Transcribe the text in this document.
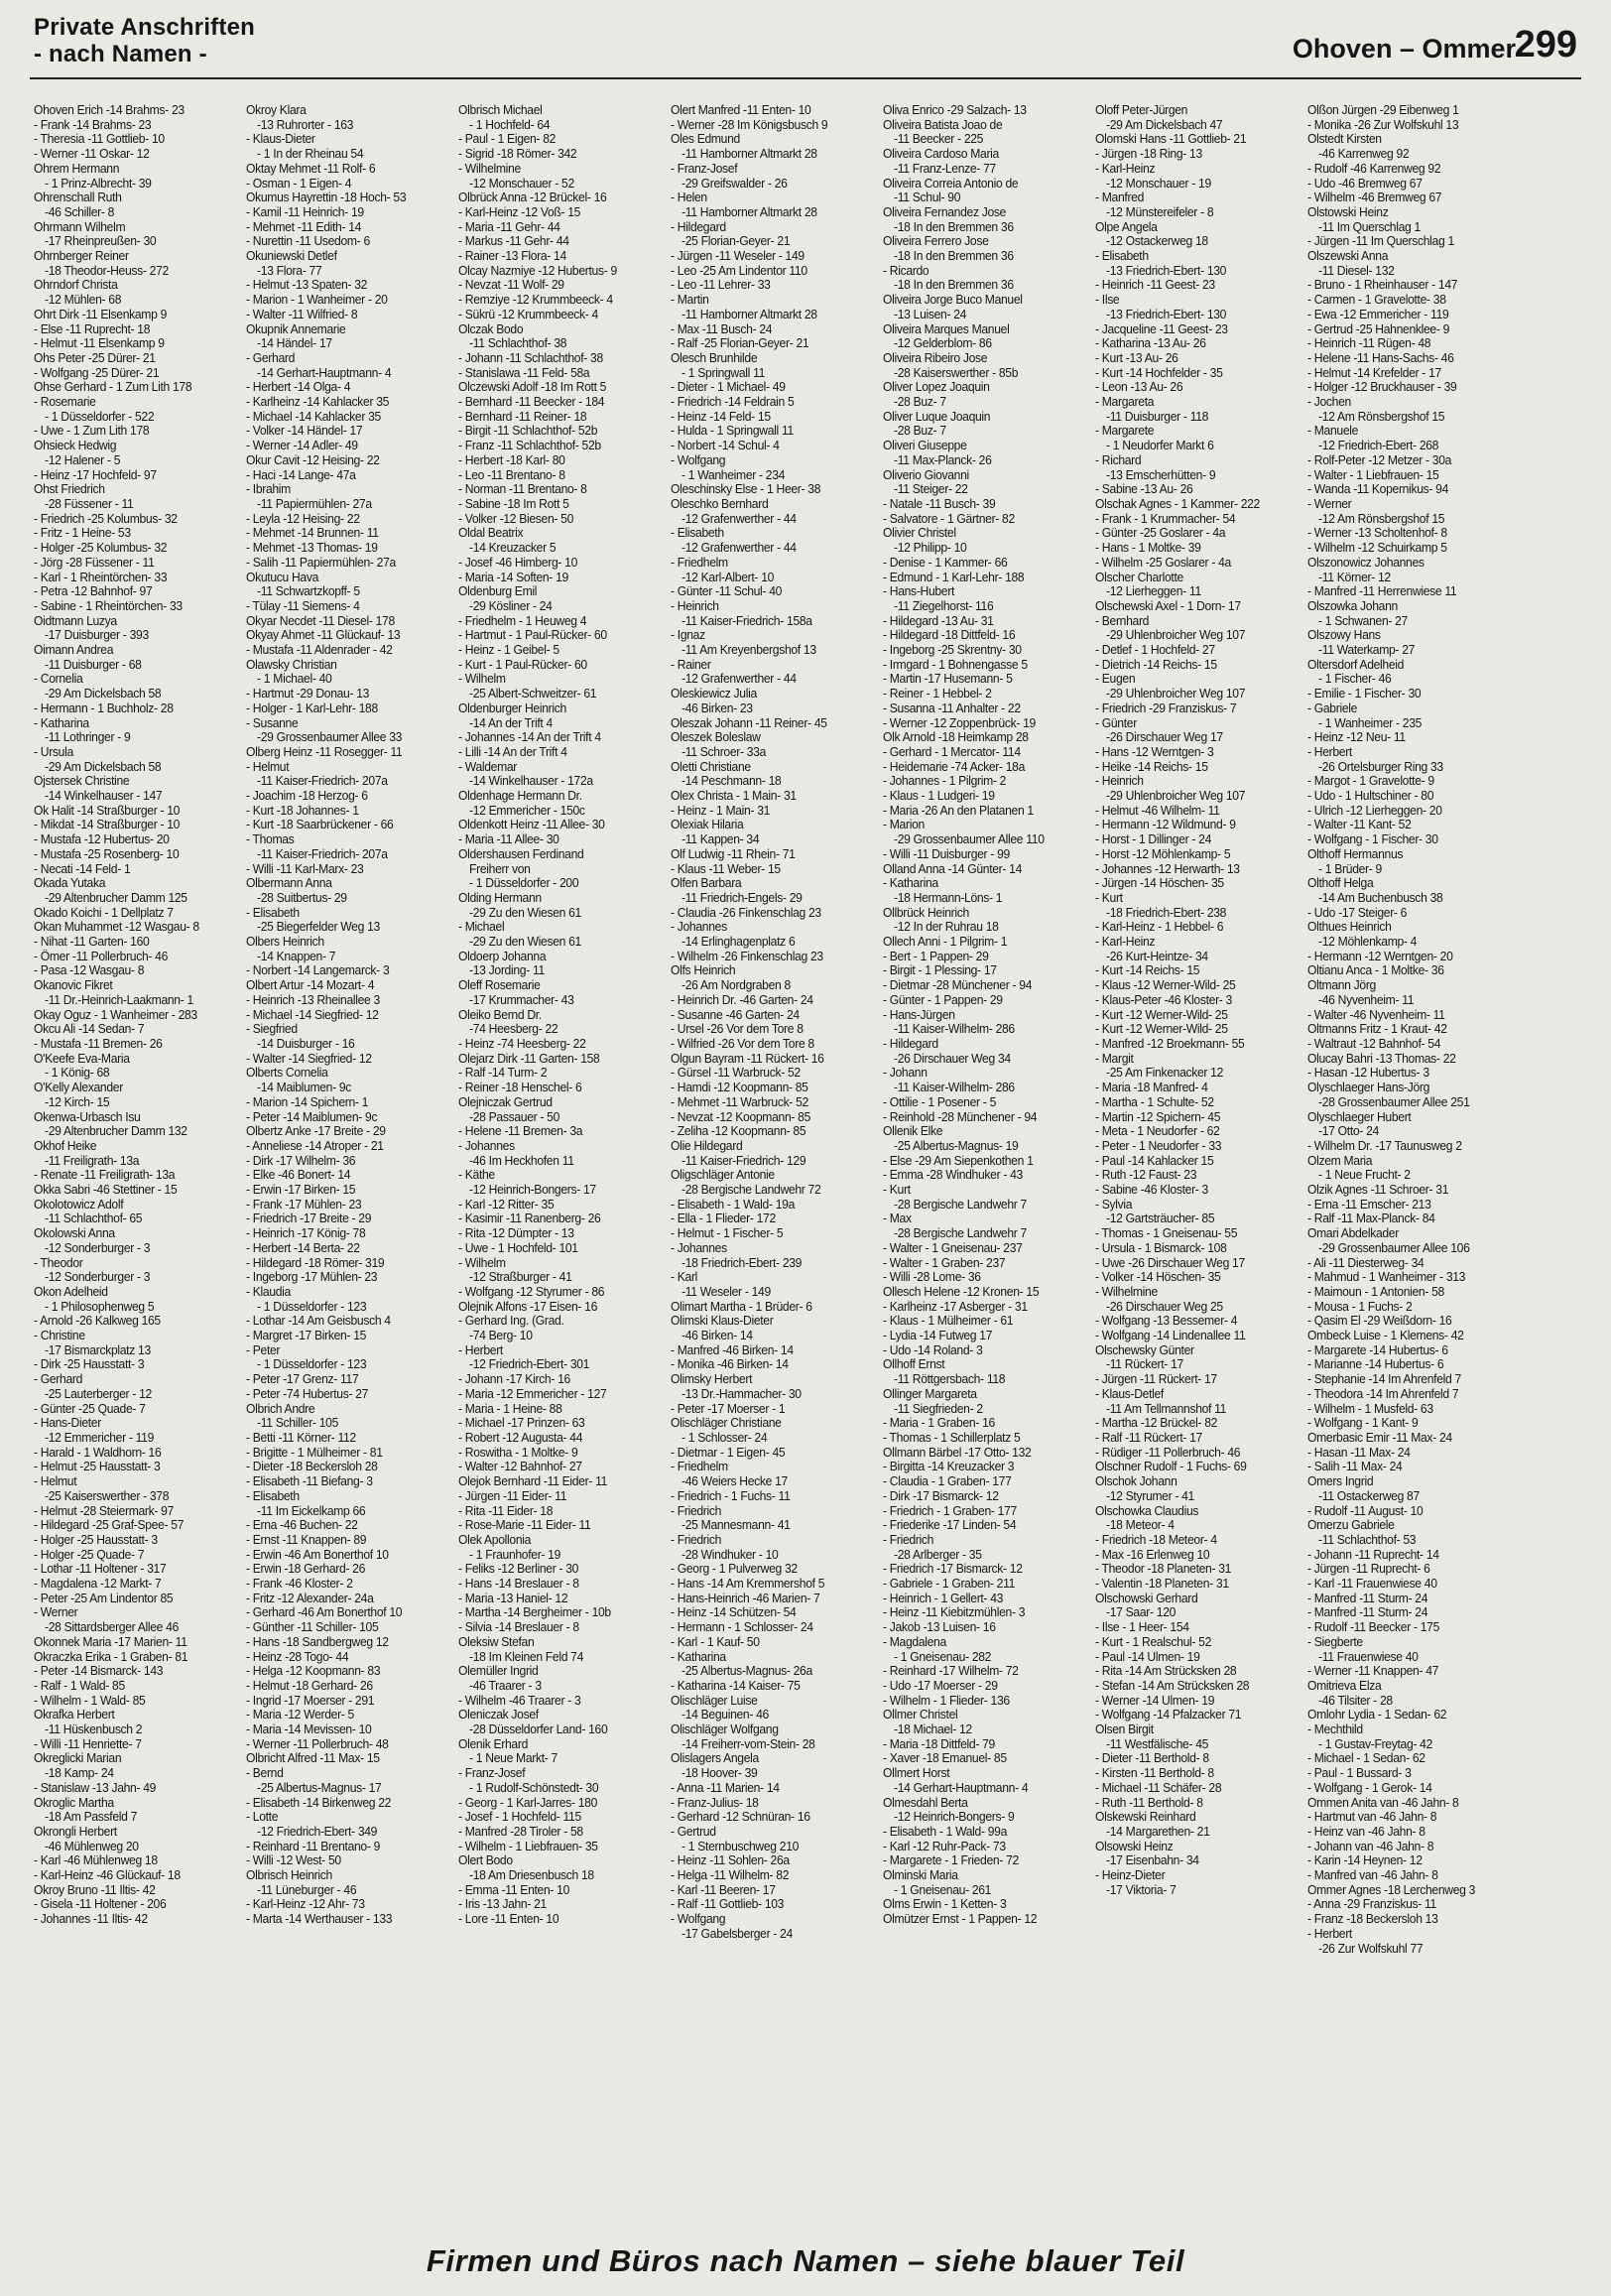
Private Anschriften
- nach Namen -	Ohoven – Ommer
299
Ohoven Erich -14 Brahms- 23
- Frank -14 Brahms- 23
- Theresia -11 Gottlieb- 10
- Werner -11 Oskar- 12
Ohrem Hermann
- 1 Prinz-Albrecht- 39
Ohrenschall Ruth
-46 Schiller- 8
Ohrmann Wilhelm
-17 Rheinpreußen- 30
Ohrnberger Reiner
-18 Theodor-Heuss- 272
Ohrndorf Christa
-12 Mühlen- 68
Ohrt Dirk -11 Elsenkamp 9
- Else -11 Ruprecht- 18
- Helmut -11 Elsenkamp 9
Ohs Peter -25 Dürer- 21
- Wolfgang -25 Dürer- 21
Ohse Gerhard - 1 Zum Lith 178
- Rosemarie
- 1 Düsseldorfer - 522
- Uwe - 1 Zum Lith 178
Ohsieck Hedwig
-12 Halener - 5
- Heinz -17 Hochfeld- 97
Ohst Friedrich
-28 Füssener - 11
- Friedrich -25 Kolumbus- 32
- Fritz - 1 Heine- 53
- Holger -25 Kolumbus- 32
- Jörg -28 Füssener - 11
- Karl - 1 Rheintörchen- 33
- Petra -12 Bahnhof- 97
- Sabine - 1 Rheintörchen- 33
Oidtmann Luzya
-17 Duisburger - 393
Oimann Andrea
-11 Duisburger - 68
- Cornelia
-29 Am Dickelsbach 58
- Hermann - 1 Buchholz- 28
- Katharina
-11 Lothringer - 9
- Ursula
-29 Am Dickelsbach 58
Ojstersek Christine
-14 Winkelhauser - 147
Ok Halit -14 Straßburger - 10
- Mikdat -14 Straßburger - 10
- Mustafa -12 Hubertus- 20
- Mustafa -25 Rosenberg- 10
- Necati -14 Feld- 1
Okada Yutaka
-29 Altenbrucher Damm 125
Okado Koichi - 1 Dellplatz 7
Okan Muhammet -12 Wasgau- 8
- Nihat -11 Garten- 160
- Ömer -11 Pollerbruch- 46
- Pasa -12 Wasgau- 8
Okanovic Fikret
-11 Dr.-Heinrich-Laakmann- 1
Okay Oguz - 1 Wanheimer - 283
Okcu Ali -14 Sedan- 7
- Mustafa -11 Bremen- 26
O'Keefe Eva-Maria
- 1 König- 68
O'Kelly Alexander
-12 Kirch- 15
Okenwa-Urbasch Isu
-29 Altenbrucher Damm 132
Okhof Heike
-11 Freiligrath- 13a
- Renate -11 Freiligrath- 13a
Okka Sabri -46 Stettiner - 15
Okolotowicz Adolf
-11 Schlachthof- 65
Okolowski Anna
-12 Sonderburger - 3
- Theodor
-12 Sonderburger - 3
Okon Adelheid
- 1 Philosophenweg 5
- Arnold -26 Kalkweg 165
- Christine
-17 Bismarckplatz 13
- Dirk -25 Hausstatt- 3
- Gerhard
-25 Lauterberger - 12
- Günter -25 Quade- 7
- Hans-Dieter
-12 Emmericher - 119
- Harald - 1 Waldhorn- 16
- Helmut -25 Hausstatt- 3
- Helmut
-25 Kaiserswerther - 378
- Helmut -28 Steiermark- 97
- Hildegard -25 Graf-Spee- 57
- Holger -25 Hausstatt- 3
- Holger -25 Quade- 7
- Lothar -11 Holtener - 317
- Magdalena -12 Markt- 7
- Peter -25 Am Lindentor 85
- Werner
-28 Sittardsberger Allee 46
Okonnek Maria -17 Marien- 11
Okraczka Erika - 1 Graben- 81
- Peter -14 Bismarck- 143
- Ralf - 1 Wald- 85
- Wilhelm - 1 Wald- 85
Okrafka Herbert
-11 Hüskenbusch 2
- Willi -11 Henriette- 7
Okreglicki Marian
-18 Kamp- 24
- Stanislaw -13 Jahn- 49
Okroglic Martha
-18 Am Passfeld 7
Okrongli Herbert
-46 Mühlenweg 20
- Karl -46 Mühlenweg 18
- Karl-Heinz -46 Glückauf- 18
Okroy Bruno -11 Iltis- 42
- Gisela -11 Holtener - 206
- Johannes -11 Iltis- 42
Okroy Klara
-13 Ruhrorter - 163
- Klaus-Dieter
- 1 In der Rheinau 54
Oktay Mehmet -11 Rolf- 6
- Osman - 1 Eigen- 4
Okumus Hayrettin -18 Hoch- 53
- Kamil -11 Heinrich- 19
- Mehmet -11 Edith- 14
- Nurettin -11 Usedom- 6
Okuniewski Detlef
-13 Flora- 77
- Helmut -13 Spaten- 32
- Marion - 1 Wanheimer - 20
- Walter -11 Wilfried- 8
Okupnik Annemarie
-14 Händel- 17
- Gerhard
-14 Gerhart-Hauptmann- 4
- Herbert -14 Olga- 4
- Karlheinz -14 Kahlacker 35
- Michael -14 Kahlacker 35
- Volker -14 Händel- 17
- Werner -14 Adler- 49
Okur Cavit -12 Heising- 22
- Haci -14 Lange- 47a
- Ibrahim
-11 Papiermühlen- 27a
- Leyla -12 Heising- 22
- Mehmet -14 Brunnen- 11
- Mehmet -13 Thomas- 19
- Salih -11 Papiermühlen- 27a
Okutucu Hava
-11 Schwartzkopff- 5
- Tülay -11 Siemens- 4
Okyar Necdet -11 Diesel- 178
Okyay Ahmet -11 Glückauf- 13
- Mustafa -11 Aldenrader - 42
Olawsky Christian
- 1 Michael- 40
- Hartmut -29 Donau- 13
- Holger - 1 Karl-Lehr- 188
- Susanne
-29 Grossenbaumer Allee 33
Olberg Heinz -11 Rosegger- 11
- Helmut
-11 Kaiser-Friedrich- 207a
- Joachim -18 Herzog- 6
- Kurt -18 Johannes- 1
- Kurt -18 Saarbrückener - 66
- Thomas
-11 Kaiser-Friedrich- 207a
- Willi -11 Karl-Marx- 23
Olbermann Anna
-28 Suitbertus- 29
- Elisabeth
-25 Biegerfelder Weg 13
Olbers Heinrich
-14 Knappen- 7
- Norbert -14 Langemarck- 3
Olbert Artur -14 Mozart- 4
- Heinrich -13 Rheinallee 3
- Michael -14 Siegfried- 12
- Siegfried
-14 Duisburger - 16
- Walter -14 Siegfried- 12
Olberts Cornelia
-14 Maiblumen- 9c
- Marion -14 Spichern- 1
- Peter -14 Maiblumen- 9c
Olbertz Anke -17 Breite - 29
- Anneliese -14 Atroper - 21
- Dirk -17 Wilhelm- 36
- Elke -46 Bonert- 14
- Erwin -17 Birken- 15
- Frank -17 Mühlen- 23
- Friedrich -17 Breite - 29
- Heinrich -17 König- 78
- Herbert -14 Berta- 22
- Hildegard -18 Römer- 319
- Ingeborg -17 Mühlen- 23
- Klaudia
- 1 Düsseldorfer - 123
- Lothar -14 Am Geisbusch 4
- Margret -17 Birken- 15
- Peter
- 1 Düsseldorfer - 123
- Peter -17 Grenz- 117
- Peter -74 Hubertus- 27
Olbrich Andre
-11 Schiller- 105
- Betti -11 Körner- 112
- Brigitte - 1 Mülheimer - 81
- Dieter -18 Beckersloh 28
- Elisabeth -11 Biefang- 3
- Elisabeth
-11 Im Eickelkamp 66
- Erna -46 Buchen- 22
- Ernst -11 Knappen- 89
- Erwin -46 Am Bonerthof 10
- Erwin -18 Gerhard- 26
- Frank -46 Kloster- 2
- Fritz -12 Alexander- 24a
- Gerhard -46 Am Bonerthof 10
- Günther -11 Schiller- 105
- Hans -18 Sandbergweg 12
- Heinz -28 Togo- 44
- Helga -12 Koopmann- 83
- Helmut -18 Gerhard- 26
- Ingrid -17 Moerser - 291
- Maria -12 Werder- 5
- Maria -14 Mevissen- 10
- Werner -11 Pollerbruch- 48
Olbricht Alfred -11 Max- 15
- Bernd
-25 Albertus-Magnus- 17
- Elisabeth -14 Birkenweg 22
- Lotte
-12 Friedrich-Ebert- 349
- Reinhard -11 Brentano- 9
- Willi -12 West- 50
Olbrisch Heinrich
-11 Lüneburger - 46
- Karl-Heinz -12 Ahr- 73
- Marta -14 Werthauser - 133
Olbrisch Michael
- 1 Hochfeld- 64
- Paul - 1 Eigen- 82
- Sigrid -18 Römer- 342
- Wilhelmine
-12 Monschauer - 52
Olbrück Anna -12 Brückel- 16
- Karl-Heinz -12 Voß- 15
- Maria -11 Gehr- 44
- Markus -11 Gehr- 44
- Rainer -13 Flora- 14
Olcay Nazmiye -12 Hubertus- 9
- Nevzat -11 Wolf- 29
- Remziye -12 Krummbeeck- 4
- Sükrü -12 Krummbeeck- 4
Olczak Bodo
-11 Schlachthof- 38
- Johann -11 Schlachthof- 38
- Stanislawa -11 Feld- 58a
Olczewski Adolf -18 Im Rott 5
- Bernhard -11 Beecker - 184
- Bernhard -11 Reiner- 18
- Birgit -11 Schlachthof- 52b
- Franz -11 Schlachthof- 52b
- Herbert -18 Karl- 80
- Leo -11 Brentano- 8
- Norman -11 Brentano- 8
- Sabine -18 Im Rott 5
- Volker -12 Biesen- 50
Oldal Beatrix
-14 Kreuzacker 5
- Josef -46 Himberg- 10
- Maria -14 Soften- 19
Oldenburg Emil
-29 Kösliner - 24
- Friedhelm - 1 Heuweg 4
- Hartmut - 1 Paul-Rücker- 60
- Heinz - 1 Geibel- 5
- Kurt - 1 Paul-Rücker- 60
- Wilhelm
-25 Albert-Schweitzer- 61
Oldenburger Heinrich
-14 An der Trift 4
- Johannes -14 An der Trift 4
- Lilli -14 An der Trift 4
- Waldemar
-14 Winkelhauser - 172a
Oldenhage Hermann Dr.
-12 Emmericher - 150c
Oldenkott Heinz -11 Allee- 30
- Maria -11 Allee- 30
Oldershausen Ferdinand
Freiherr von
- 1 Düsseldorfer - 200
Olding Hermann
-29 Zu den Wiesen 61
- Michael
-29 Zu den Wiesen 61
Oldoerp Johanna
-13 Jording- 11
Oleff Rosemarie
-17 Krummacher- 43
Oleiko Bernd Dr.
-74 Heesberg- 22
- Heinz -74 Heesberg- 22
Olejarz Dirk -11 Garten- 158
- Ralf -14 Turm- 2
- Reiner -18 Henschel- 6
Olejniczak Gertrud
-28 Passauer - 50
- Helene -11 Bremen- 3a
- Johannes
-46 Im Heckhofen 11
- Käthe
-12 Heinrich-Bongers- 17
- Karl -12 Ritter- 35
- Kasimir -11 Ranenberg- 26
- Rita -12 Dümpter - 13
- Uwe - 1 Hochfeld- 101
- Wilhelm
-12 Straßburger - 41
- Wolfgang -12 Styrumer - 86
Olejnik Alfons -17 Eisen- 16
- Gerhard Ing. (Grad.
-74 Berg- 10
- Herbert
-12 Friedrich-Ebert- 301
- Johann -17 Kirch- 16
- Maria -12 Emmericher - 127
- Maria - 1 Heine- 88
- Michael -17 Prinzen- 63
- Robert -12 Augusta- 44
- Roswitha - 1 Moltke- 9
- Walter -12 Bahnhof- 27
Olejok Bernhard -11 Eider- 11
- Jürgen -11 Eider- 11
- Rita -11 Eider- 18
- Rose-Marie -11 Eider- 11
Olek Apollonia
- 1 Fraunhofer- 19
- Feliks -12 Berliner - 30
- Hans -14 Breslauer - 8
- Maria -13 Haniel- 12
- Martha -14 Bergheimer - 10b
- Silvia -14 Breslauer - 8
Oleksiw Stefan
-18 Im Kleinen Feld 74
Olemüller Ingrid
-46 Traarer - 3
- Wilhelm -46 Traarer - 3
Oleniczak Josef
-28 Düsseldorfer Land- 160
Olenik Erhard
- 1 Neue Markt- 7
- Franz-Josef
- 1 Rudolf-Schönstedt- 30
- Georg - 1 Karl-Jarres- 180
- Josef - 1 Hochfeld- 115
- Manfred -28 Tiroler - 58
- Wilhelm - 1 Liebfrauen- 35
Olert Bodo
-18 Am Driesenbusch 18
- Emma -11 Enten- 10
- Iris -13 Jahn- 21
- Lore -11 Enten- 10
Olert Manfred -11 Enten- 10
- Werner -28 Im Königsbusch 9
Oles Edmund
-11 Hamborner Altmarkt 28
- Franz-Josef
-29 Greifswalder - 26
- Helen
-11 Hamborner Altmarkt 28
- Hildegard
-25 Florian-Geyer- 21
- Jürgen -11 Weseler - 149
- Leo -25 Am Lindentor 110
- Leo -11 Lehrer- 33
- Martin
-11 Hamborner Altmarkt 28
- Max -11 Busch- 24
- Ralf -25 Florian-Geyer- 21
Olesch Brunhilde
- 1 Springwall 11
- Dieter - 1 Michael- 49
- Friedrich -14 Feldrain 5
- Heinz -14 Feld- 15
- Hulda - 1 Springwall 11
- Norbert -14 Schul- 4
- Wolfgang
- 1 Wanheimer - 234
Oleschinsky Else - 1 Heer- 38
Oleschko Bernhard
-12 Grafenwerther - 44
- Elisabeth
-12 Grafenwerther - 44
- Friedhelm
-12 Karl-Albert- 10
- Günter -11 Schul- 40
- Heinrich
-11 Kaiser-Friedrich- 158a
- Ignaz
-11 Am Kreyenbergshof 13
- Rainer
-12 Grafenwerther - 44
Oleskiewicz Julia
-46 Birken- 23
Oleszak Johann -11 Reiner- 45
Oleszek Boleslaw
-11 Schroer- 33a
Oletti Christiane
-14 Peschmann- 18
Olex Christa - 1 Main- 31
- Heinz - 1 Main- 31
Olexiak Hilaria
-11 Kappen- 34
Olf Ludwig -11 Rhein- 71
- Klaus -11 Weber- 15
Olfen Barbara
-11 Friedrich-Engels- 29
- Claudia -26 Finkenschlag 23
- Johannes
-14 Erlinghagenplatz 6
- Wilhelm -26 Finkenschlag 23
Olfs Heinrich
-26 Am Nordgraben 8
- Heinrich Dr. -46 Garten- 24
- Susanne -46 Garten- 24
- Ursel -26 Vor dem Tore 8
- Wilfried -26 Vor dem Tore 8
Olgun Bayram -11 Rückert- 16
- Gürsel -11 Warbruck- 52
- Hamdi -12 Koopmann- 85
- Mehmet -11 Warbruck- 52
- Nevzat -12 Koopmann- 85
- Zeliha -12 Koopmann- 85
Olie Hildegard
-11 Kaiser-Friedrich- 129
Oligschläger Antonie
-28 Bergische Landwehr 72
- Elisabeth - 1 Wald- 19a
- Ella - 1 Flieder- 172
- Helmut - 1 Fischer- 5
- Johannes
-18 Friedrich-Ebert- 239
- Karl
-11 Weseler - 149
Olimart Martha - 1 Brüder- 6
Olimski Klaus-Dieter
-46 Birken- 14
- Manfred -46 Birken- 14
- Monika -46 Birken- 14
Olimsky Herbert
-13 Dr.-Hammacher- 30
- Peter -17 Moerser - 1
Olischläger Christiane
- 1 Schlosser- 24
- Dietmar - 1 Eigen- 45
- Friedhelm
-46 Weiers Hecke 17
- Friedrich - 1 Fuchs- 11
- Friedrich
-25 Mannesmann- 41
- Friedrich
-28 Windhuker - 10
- Georg - 1 Pulverweg 32
- Hans -14 Am Kremmershof 5
- Hans-Heinrich -46 Marien- 7
- Heinz -14 Schützen- 54
- Hermann - 1 Schlosser- 24
- Karl - 1 Kauf- 50
- Katharina
-25 Albertus-Magnus- 26a
- Katharina -14 Kaiser- 75
Olischläger Luise
-14 Beguinen- 46
Olischläger Wolfgang
-14 Freiherr-vom-Stein- 28
Olislagers Angela
-18 Hoover- 39
- Anna -11 Marien- 14
- Franz-Julius- 18
- Gerhard -12 Schnüran- 16
- Gertrud
- 1 Sternbuschweg 210
- Heinz -11 Sohlen- 26a
- Helga -11 Wilhelm- 82
- Karl -11 Beeren- 17
- Ralf -11 Gottlieb- 103
- Wolfgang
-17 Gabelsberger - 24
Oliva Enrico -29 Salzach- 13
Oliveira Batista Joao de
-11 Beecker - 225
Oliveira Cardoso Maria
-11 Franz-Lenze- 77
Oliveira Correia Antonio de
-11 Schul- 90
Oliveira Fernandez Jose
-18 In den Bremmen 36
Oliveira Ferrero Jose
-18 In den Bremmen 36
- Ricardo
-18 In den Bremmen 36
Oliveira Jorge Buco Manuel
-13 Luisen- 24
Oliveira Marques Manuel
-12 Gelderblom- 86
Oliveira Ribeiro Jose
-28 Kaiserswerther - 85b
Oliver Lopez Joaquin
-28 Buz- 7
Oliver Luque Joaquin
-28 Buz- 7
Oliveri Giuseppe
-11 Max-Planck- 26
Oliverio Giovanni
-11 Steiger- 22
- Natale -11 Busch- 39
- Salvatore - 1 Gärtner- 82
Olivier Christel
-12 Philipp- 10
- Denise - 1 Kammer- 66
- Edmund - 1 Karl-Lehr- 188
- Hans-Hubert
-11 Ziegelhorst- 116
- Hildegard -13 Au- 31
- Hildegard -18 Dittfeld- 16
- Ingeborg -25 Skrentny- 30
- Irmgard - 1 Bohnengasse 5
- Martin -17 Husemann- 5
- Reiner - 1 Hebbel- 2
- Susanna -11 Anhalter - 22
- Werner -12 Zoppenbrück- 19
Olk Arnold -18 Heimkamp 28
- Gerhard - 1 Mercator- 114
- Heidemarie -74 Acker- 18a
- Johannes - 1 Pilgrim- 2
- Klaus - 1 Ludgeri- 19
- Maria -26 An den Platanen 1
- Marion
-29 Grossenbaumer Allee 110
- Willi -11 Duisburger - 99
Olland Anna -14 Günter- 14
- Katharina
-18 Hermann-Löns- 1
Ollbrück Heinrich
-12 In der Ruhrau 18
Ollech Anni - 1 Pilgrim- 1
- Bert - 1 Pappen- 29
- Birgit - 1 Plessing- 17
- Dietmar -28 Münchener - 94
- Günter - 1 Pappen- 29
- Hans-Jürgen
-11 Kaiser-Wilhelm- 286
- Hildegard
-26 Dirschauer Weg 34
- Johann
-11 Kaiser-Wilhelm- 286
- Ottilie - 1 Posener - 5
- Reinhold -28 Münchener - 94
Ollenik Elke
-25 Albertus-Magnus- 19
- Else -29 Am Siepenkothen 1
- Emma -28 Windhuker - 43
- Kurt
-28 Bergische Landwehr 7
- Max
-28 Bergische Landwehr 7
- Walter - 1 Gneisenau- 237
- Walter - 1 Graben- 237
- Willi -28 Lome- 36
Ollesch Helene -12 Kronen- 15
- Karlheinz -17 Asberger - 31
- Klaus - 1 Mülheimer - 61
- Lydia -14 Futweg 17
- Udo -14 Roland- 3
Ollhoff Ernst
-11 Röttgersbach- 118
Ollinger Margareta
-11 Siegfrieden- 2
- Maria - 1 Graben- 16
- Thomas - 1 Schillerplatz 5
Ollmann Bärbel -17 Otto- 132
- Birgitta -14 Kreuzacker 3
- Claudia - 1 Graben- 177
- Dirk -17 Bismarck- 12
- Friedrich - 1 Graben- 177
- Friederike -17 Linden- 54
- Friedrich
-28 Arlberger - 35
- Friedrich -17 Bismarck- 12
- Gabriele - 1 Graben- 211
- Heinrich - 1 Gellert- 43
- Heinz -11 Kiebitzmühlen- 3
- Jakob -13 Luisen- 16
- Magdalena
- 1 Gneisenau- 282
- Reinhard -17 Wilhelm- 72
- Udo -17 Moerser - 29
- Wilhelm - 1 Flieder- 136
Ollmer Christel
-18 Michael- 12
- Maria -18 Dittfeld- 79
- Xaver -18 Emanuel- 85
Ollmert Horst
-14 Gerhart-Hauptmann- 4
Olmesdahl Berta
-12 Heinrich-Bongers- 9
- Elisabeth - 1 Wald- 99a
- Karl -12 Ruhr-Pack- 73
- Margarete - 1 Frieden- 72
Olminski Maria
- 1 Gneisenau- 261
Olms Erwin - 1 Ketten- 3
Olmützer Ernst - 1 Pappen- 12
Oloff Peter-Jürgen
-29 Am Dickelsbach 47
Olomski Hans -11 Gottlieb- 21
- Jürgen -18 Ring- 13
- Karl-Heinz
-12 Monschauer - 19
- Manfred
-12 Münstereifeler - 8
Olpe Angela
-12 Ostackerweg 18
- Elisabeth
-13 Friedrich-Ebert- 130
- Heinrich -11 Geest- 23
- Ilse
-13 Friedrich-Ebert- 130
- Jacqueline -11 Geest- 23
- Katharina -13 Au- 26
- Kurt -13 Au- 26
- Kurt -14 Hochfelder - 35
- Leon -13 Au- 26
- Margareta
-11 Duisburger - 118
- Margarete
- 1 Neudorfer Markt 6
- Richard
-13 Emscherhütten- 9
- Sabine -13 Au- 26
Olschak Agnes - 1 Kammer- 222
- Frank - 1 Krummacher- 54
- Günter -25 Goslarer - 4a
- Hans - 1 Moltke- 39
- Wilhelm -25 Goslarer - 4a
Olscher Charlotte
-12 Lierheggen- 11
Olschewski Axel - 1 Dorn- 17
- Bernhard
-29 Uhlenbroicher Weg 107
- Detlef - 1 Hochfeld- 27
- Dietrich -14 Reichs- 15
- Eugen
-29 Uhlenbroicher Weg 107
- Friedrich -29 Franziskus- 7
- Günter
-26 Dirschauer Weg 17
- Hans -12 Werntgen- 3
- Heike -14 Reichs- 15
- Heinrich
-29 Uhlenbroicher Weg 107
- Helmut -46 Wilhelm- 11
- Hermann -12 Wildmund- 9
- Horst - 1 Dillinger - 24
- Horst -12 Möhlenkamp- 5
- Johannes -12 Herwarth- 13
- Jürgen -14 Höschen- 35
- Kurt
-18 Friedrich-Ebert- 238
- Karl-Heinz - 1 Hebbel- 6
- Karl-Heinz
-26 Kurt-Heintze- 34
- Kurt -14 Reichs- 15
- Klaus -12 Werner-Wild- 25
- Klaus-Peter -46 Kloster- 3
- Kurt -12 Werner-Wild- 25
- Kurt -12 Werner-Wild- 25
- Manfred -12 Broekmann- 55
- Margit
-25 Am Finkenacker 12
- Maria -18 Manfred- 4
- Martha - 1 Schulte- 52
- Martin -12 Spichern- 45
- Meta - 1 Neudorfer - 62
- Peter - 1 Neudorfer - 33
- Paul -14 Kahlacker 15
- Ruth -12 Faust- 23
- Sabine -46 Kloster- 3
- Sylvia
-12 Gartsträucher- 85
- Thomas - 1 Gneisenau- 55
- Ursula - 1 Bismarck- 108
- Uwe -26 Dirschauer Weg 17
- Volker -14 Höschen- 35
- Wilhelmine
-26 Dirschauer Weg 25
- Wolfgang -13 Bessemer- 4
- Wolfgang -14 Lindenallee 11
Olschewsky Günter
-11 Rückert- 17
- Jürgen -11 Rückert- 17
- Klaus-Detlef
-11 Am Tellmannshof 11
- Martha -12 Brückel- 82
- Ralf -11 Rückert- 17
- Rüdiger -11 Pollerbruch- 46
Olschner Rudolf - 1 Fuchs- 69
Olschok Johann
-12 Styrumer - 41
Olschowka Claudius
-18 Meteor- 4
- Friedrich -18 Meteor- 4
- Max -16 Erlenweg 10
- Theodor -18 Planeten- 31
- Valentin -18 Planeten- 31
Olschowski Gerhard
-17 Saar- 120
- Ilse - 1 Heer- 154
- Kurt - 1 Realschul- 52
- Paul -14 Ulmen- 19
- Rita -14 Am Strücksken 28
- Stefan -14 Am Strücksken 28
- Werner -14 Ulmen- 19
- Wolfgang -14 Pfalzacker 71
Olsen Birgit
-11 Westfälische- 45
- Dieter -11 Berthold- 8
- Kirsten -11 Berthold- 8
- Michael -11 Schäfer- 28
- Ruth -11 Berthold- 8
Olskewski Reinhard
-14 Margarethen- 21
Olsowski Heinz
-17 Eisenbahn- 34
- Heinz-Dieter
-17 Viktoria- 7
Olßon Jürgen -29 Eibenweg 1
- Monika -26 Zur Wolfskuhl 13
Olstedt Kirsten
-46 Karrenweg 92
- Rudolf -46 Karrenweg 92
- Udo -46 Bremweg 67
- Wilhelm -46 Bremweg 67
Olstowski Heinz
-11 Im Querschlag 1
- Jürgen -11 Im Querschlag 1
Olszewski Anna
-11 Diesel- 132
- Bruno - 1 Rheinhauser - 147
- Carmen - 1 Gravelotte- 38
- Ewa -12 Emmericher - 119
- Gertrud -25 Hahnenklee- 9
- Heinrich -11 Rügen- 48
- Helene -11 Hans-Sachs- 46
- Helmut -14 Krefelder - 17
- Holger -12 Bruckhauser - 39
- Jochen
-12 Am Rönsbergshof 15
- Manuele
-12 Friedrich-Ebert- 268
- Rolf-Peter -12 Metzer - 30a
- Walter - 1 Liebfrauen- 15
- Wanda -11 Kopernikus- 94
- Werner
-12 Am Rönsbergshof 15
- Werner -13 Scholtenhof- 8
- Wilhelm -12 Schuirkamp 5
Olszonowicz Johannes
-11 Körner- 12
- Manfred -11 Herrenwiese 11
Olszowka Johann
- 1 Schwanen- 27
Olszowy Hans
-11 Waterkamp- 27
Oltersdorf Adelheid
- 1 Fischer- 46
- Emilie - 1 Fischer- 30
- Gabriele
- 1 Wanheimer - 235
- Heinz -12 Neu- 11
- Herbert
-26 Ortelsburger Ring 33
- Margot - 1 Gravelotte- 9
- Udo - 1 Hultschiner - 80
- Ulrich -12 Lierheggen- 20
- Walter -11 Kant- 52
- Wolfgang - 1 Fischer- 30
Olthoff Hermannus
- 1 Brüder- 9
Olthoff Helga
-14 Am Buchenbusch 38
- Udo -17 Steiger- 6
Olthues Heinrich
-12 Möhlenkamp- 4
- Hermann -12 Werntgen- 20
Oltianu Anca - 1 Moltke- 36
Oltmann Jörg
-46 Nyvenheim- 11
- Walter -46 Nyvenheim- 11
Oltmanns Fritz - 1 Kraut- 42
- Waltraut -12 Bahnhof- 54
Olucay Bahri -13 Thomas- 22
- Hasan -12 Hubertus- 3
Olyschlaeger Hans-Jörg
-28 Grossenbaumer Allee 251
Olyschlaeger Hubert
-17 Otto- 24
- Wilhelm Dr. -17 Taunusweg 2
Olzem Maria
- 1 Neue Frucht- 2
Olzik Agnes -11 Schroer- 31
- Erna -11 Emscher- 213
- Ralf -11 Max-Planck- 84
Omari Abdelkader
-29 Grossenbaumer Allee 106
- Ali -11 Diesterweg- 34
- Mahmud - 1 Wanheimer - 313
- Maimoun - 1 Antonien- 58
- Mousa - 1 Fuchs- 2
- Qasim El -29 Weißdorn- 16
Ombeck Luise - 1 Klemens- 42
- Margarete -14 Hubertus- 6
- Marianne -14 Hubertus- 6
- Stephanie -14 Im Ahrenfeld 7
- Theodora -14 Im Ahrenfeld 7
- Wilhelm - 1 Musfeld- 63
- Wolfgang - 1 Kant- 9
Omerbasic Emir -11 Max- 24
- Hasan -11 Max- 24
- Salih -11 Max- 24
Omers Ingrid
-11 Ostackerweg 87
- Rudolf -11 August- 10
Omerzu Gabriele
-11 Schlachthof- 53
- Johann -11 Ruprecht- 14
- Jürgen -11 Ruprecht- 6
- Karl -11 Frauenwiese 40
- Manfred -11 Sturm- 24
- Manfred -11 Sturm- 24
- Rudolf -11 Beecker - 175
- Siegberte
-11 Frauenwiese 40
- Werner -11 Knappen- 47
Omitrieva Elza
-46 Tilsiter - 28
Omlohr Lydia - 1 Sedan- 62
- Mechthild
- 1 Gustav-Freytag- 42
- Michael - 1 Sedan- 62
- Paul - 1 Bussard- 3
- Wolfgang - 1 Gerok- 14
Ommen Anita van -46 Jahn- 8
- Hartmut van -46 Jahn- 8
- Heinz van -46 Jahn- 8
- Johann van -46 Jahn- 8
- Karin -14 Heynen- 12
- Manfred van -46 Jahn- 8
Ommer Agnes -18 Lerchenweg 3
- Anna -29 Franziskus- 11
- Franz -18 Beckersloh 13
- Herbert
-26 Zur Wolfskuhl 77
Firmen und Büros nach Namen – siehe blauer Teil
